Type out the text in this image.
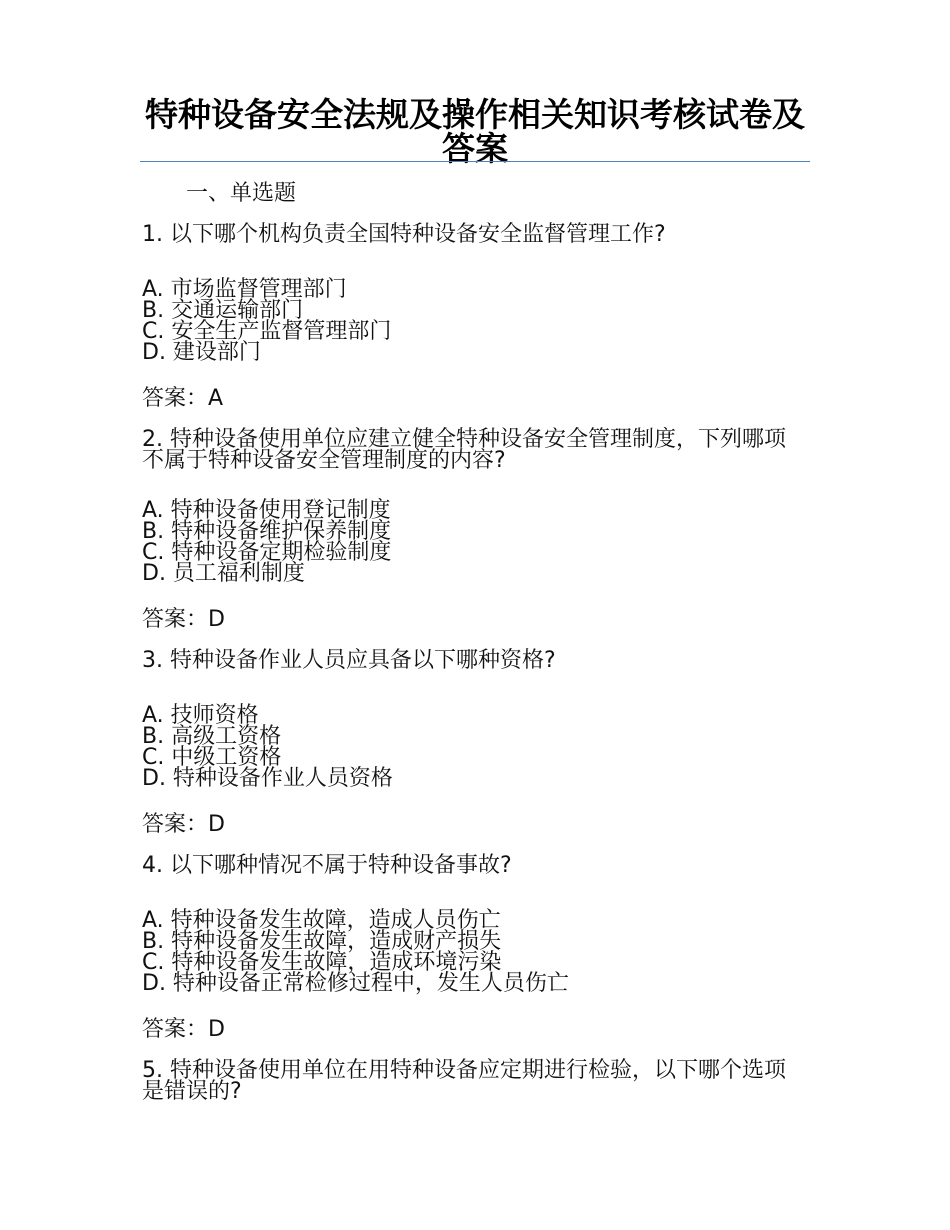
特种设备安全法规及操作相关知识考核试卷及答案
一、单选题
1. 以下哪个机构负责全国特种设备安全监督管理工作?
A. 市场监督管理部门
B. 交通运输部门
C. 安全生产监督管理部门
D. 建设部门
答案：A
2. 特种设备使用单位应建立健全特种设备安全管理制度，下列哪项不属于特种设备安全管理制度的内容?
A. 特种设备使用登记制度
B. 特种设备维护保养制度
C. 特种设备定期检验制度
D. 员工福利制度
答案：D
3. 特种设备作业人员应具备以下哪种资格?
A. 技师资格
B. 高级工资格
C. 中级工资格
D. 特种设备作业人员资格
答案：D
4. 以下哪种情况不属于特种设备事故?
A. 特种设备发生故障，造成人员伤亡
B. 特种设备发生故障，造成财产损失
C. 特种设备发生故障，造成环境污染
D. 特种设备正常检修过程中，发生人员伤亡
答案：D
5. 特种设备使用单位在用特种设备应定期进行检验，以下哪个选项是错误的?
